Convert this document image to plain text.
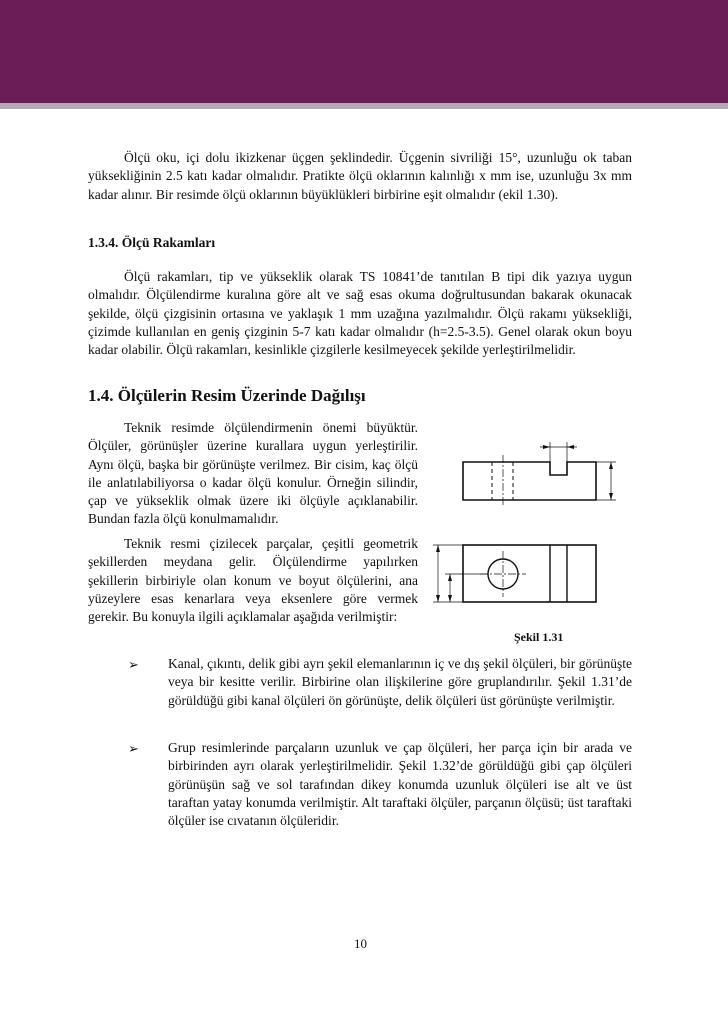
Ölçü oku, içi dolu ikizkenar üçgen şeklindedir. Üçgenin sivriliği 15°, uzunluğu ok taban yüksekliğinin 2.5 katı kadar olmalıdır. Pratikte ölçü oklarının kalınlığı x mm ise, uzunluğu 3x mm kadar alınır. Bir resimde ölçü oklarının büyüklükleri birbirine eşit olmalıdır (ekil 1.30).

1.3.4. Ölçü Rakamları

Ölçü rakamları, tip ve yükseklik olarak TS 10841’de tanıtılan B tipi dik yazıya uygun olmalıdır. Ölçülendirme kuralına göre alt ve sağ esas okuma doğrultusundan bakarak okunacak şekilde, ölçü çizgisinin ortasına ve yaklaşık 1 mm uzağına yazılmalıdır. Ölçü rakamı yüksekliği, çizimde kullanılan en geniş çizginin 5-7 katı kadar olmalıdır (h=2.5-3.5). Genel olarak okun boyu kadar olabilir. Ölçü rakamları, kesinlikle çizgilerle kesilmeyecek şekilde yerleştirilmelidir.

1.4. Ölçülerin Resim Üzerinde Dağılışı

Teknik resimde ölçülendirmenin önemi büyüktür. Ölçüler, görünüşler üzerine kurallara uygun yerleştirilir. Aynı ölçü, başka bir görünüşte verilmez. Bir cisim, kaç ölçü ile anlatılabiliyorsa o kadar ölçü konulur. Örneğin silindir, çap ve yükseklik olmak üzere iki ölçüyle açıklanabilir. Bundan fazla ölçü konulmamalıdır.

Teknik resmi çizilecek parçalar, çeşitli geometrik şekillerden meydana gelir. Ölçülendirme yapılırken şekillerin birbiriyle olan konum ve boyut ölçülerini, ana yüzeylere esas kenarlara veya eksenlere göre vermek gerekir. Bu konuyla ilgili açıklamalar aşağıda verilmiştir:

Şekil 1.31
➢ Kanal, çıkıntı, delik gibi ayrı şekil elemanlarının iç ve dış şekil ölçüleri, bir görünüşte veya bir kesitte verilir. Birbirine olan ilişkilerine göre gruplandırılır. Şekil 1.31’de görüldüğü gibi kanal ölçüleri ön görünüşte, delik ölçüleri üst görünüşte verilmiştir.

➢ Grup resimlerinde parçaların uzunluk ve çap ölçüleri, her parça için bir arada ve birbirinden ayrı olarak yerleştirilmelidir. Şekil 1.32’de görüldüğü gibi çap ölçüleri görünüşün sağ ve sol tarafından dikey konumda uzunluk ölçüleri ise alt ve üst taraftan yatay konumda verilmiştir. Alt taraftaki ölçüler, parçanın ölçüsü; üst taraftaki ölçüler ise cıvatanın ölçüleridir.

10
